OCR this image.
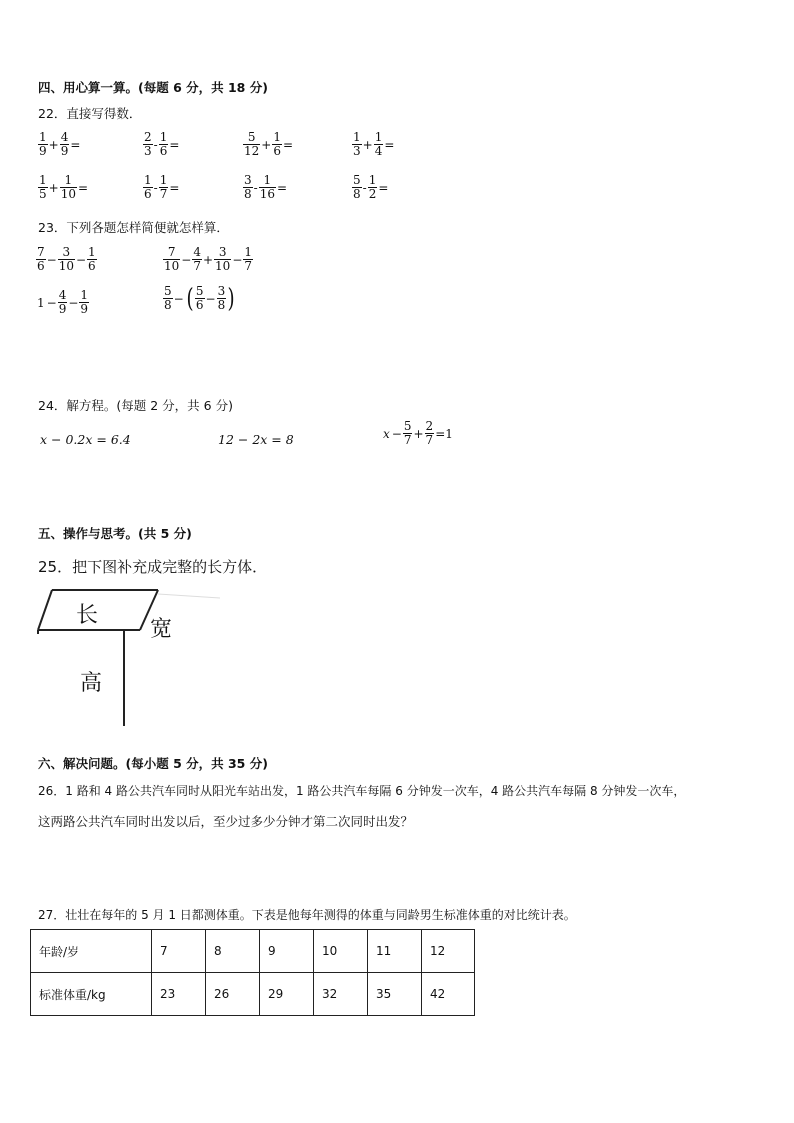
四、用心算一算。(每题 6 分，共 18 分)
22．直接写得数．
$\frac{1}{9} + \frac{4}{9}$ =	$\frac{2}{3} - \frac{1}{6}$ =	$\frac{5}{12} + \frac{1}{6}$ =	$\frac{1}{3} + \frac{1}{4}$ =
$\frac{1}{5} + \frac{1}{10}$ =	$\frac{1}{6} - \frac{1}{7}$ =	$\frac{3}{8} - \frac{1}{16}$ =	$\frac{5}{8} - \frac{1}{2}$ =
23．下列各题怎样简便就怎样算．
$\frac{7}{6} - \frac{3}{10} - \frac{1}{6}$	$\frac{7}{10} - \frac{4}{7} + \frac{3}{10} - \frac{1}{7}$
$1 - \frac{4}{9} - \frac{1}{9}$	$\frac{5}{8}$ −( $\frac{5}{6} - \frac{3}{8}$ )
24．解方程。(每题 2 分，共 6 分)
x − 0.2x = 6.4	12 − 2x = 8	$x - \frac{5}{7} + \frac{2}{7} =1$
五、操作与思考。(共 5 分)
25．把下图补充成完整的长方体．
长
宽
高
六、解决问题。(每小题 5 分，共 35 分)
26．1 路和 4 路公共汽车同时从阳光车站出发，1 路公共汽车每隔 6 分钟发一次车，4 路公共汽车每隔 8 分钟发一次车，
这两路公共汽车同时出发以后，至少过多少分钟才第二次同时出发？
27．壮壮在每年的 5 月 1 日都测体重。下表是他每年测得的体重与同龄男生标准体重的对比统计表。
年龄/岁	7	8	9	10	11	12
标准体重/kg	23	26	29	32	35	42
